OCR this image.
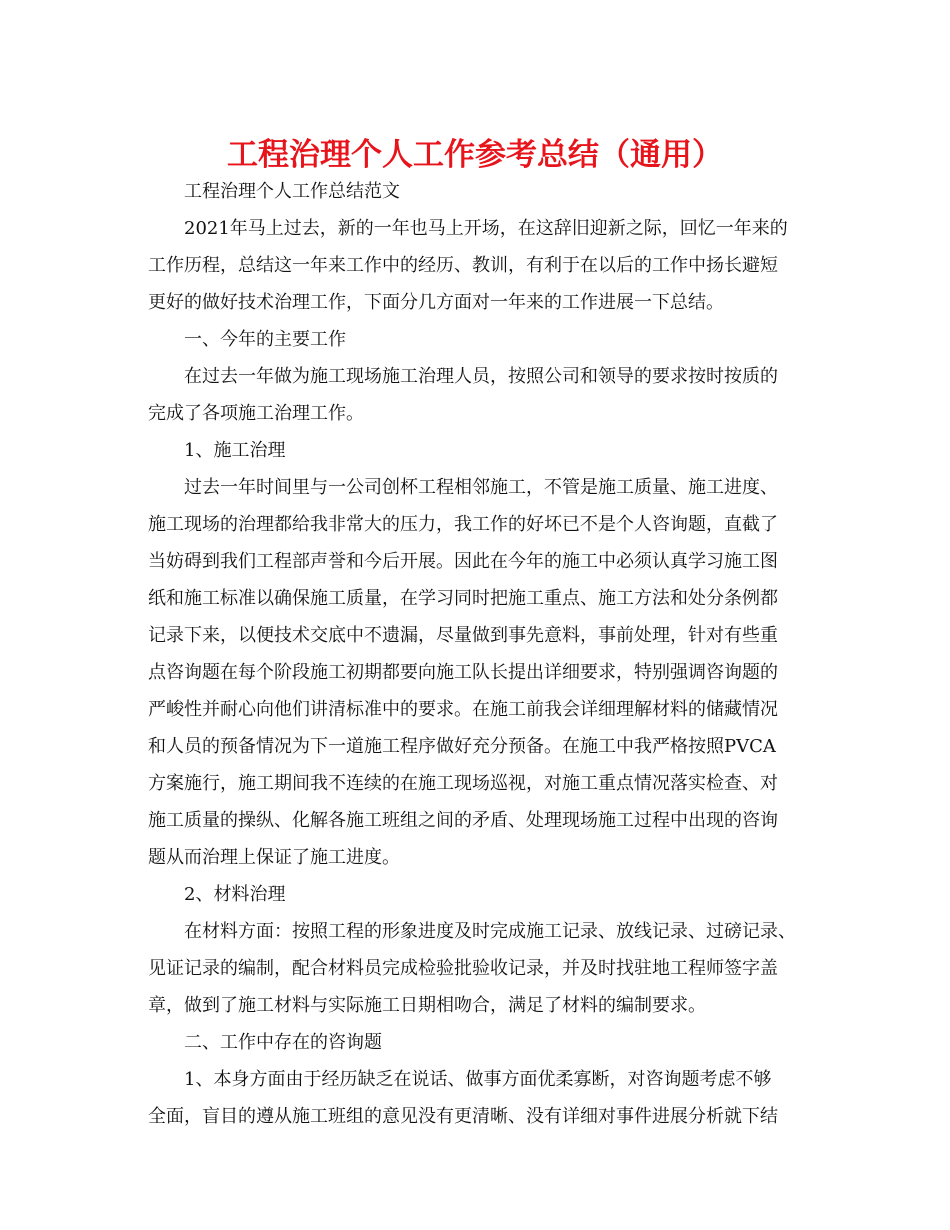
工程治理个人工作参考总结（通用）
工程治理个人工作总结范文
2021年马上过去，新的一年也马上开场，在这辞旧迎新之际，回忆一年来的
工作历程，总结这一年来工作中的经历、教训，有利于在以后的工作中扬长避短
更好的做好技术治理工作，下面分几方面对一年来的工作进展一下总结。
一、今年的主要工作
在过去一年做为施工现场施工治理人员，按照公司和领导的要求按时按质的
完成了各项施工治理工作。
1、施工治理
过去一年时间里与一公司创杯工程相邻施工，不管是施工质量、施工进度、
施工现场的治理都给我非常大的压力，我工作的好坏已不是个人咨询题，直截了
当妨碍到我们工程部声誉和今后开展。因此在今年的施工中必须认真学习施工图
纸和施工标准以确保施工质量，在学习同时把施工重点、施工方法和处分条例都
记录下来，以便技术交底中不遗漏，尽量做到事先意料，事前处理，针对有些重
点咨询题在每个阶段施工初期都要向施工队长提出详细要求，特别强调咨询题的
严峻性并耐心向他们讲清标准中的要求。在施工前我会详细理解材料的储藏情况
和人员的预备情况为下一道施工程序做好充分预备。在施工中我严格按照PVCA
方案施行，施工期间我不连续的在施工现场巡视，对施工重点情况落实检查、对
施工质量的操纵、化解各施工班组之间的矛盾、处理现场施工过程中出现的咨询
题从而治理上保证了施工进度。
2、材料治理
在材料方面：按照工程的形象进度及时完成施工记录、放线记录、过磅记录、
见证记录的编制，配合材料员完成检验批验收记录，并及时找驻地工程师签字盖
章，做到了施工材料与实际施工日期相吻合，满足了材料的编制要求。
二、工作中存在的咨询题
1、本身方面由于经历缺乏在说话、做事方面优柔寡断，对咨询题考虑不够
全面，盲目的遵从施工班组的意见没有更清晰、没有详细对事件进展分析就下结
